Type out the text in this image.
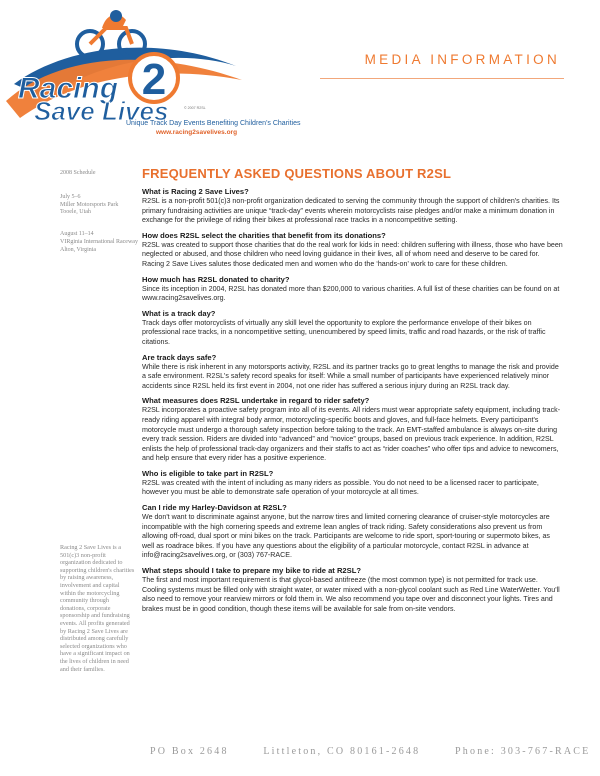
2
Racing
Save Lives	© 2007 R2SL
Unique Track Day Events Benefiting Children's Charities
www.racing2savelives.org
MEDIA INFORMATION
2008 Schedule
July 5–6
Miller Motorsports Park
Tooele, Utah
August 11–14
VIRginia International Raceway
Alton, Virginia
Racing 2 Save Lives is a 501(c)3 non-profit organization dedicated to supporting children's charities by raising awareness, involvement and capital within the motorcycling community through donations, corporate sponsorship and fundraising events. All profits generated by Racing 2 Save Lives are distributed among carefully selected organizations who have a significant impact on the lives of children in need and their families.
FREQUENTLY ASKED QUESTIONS ABOUT R2SL
What is Racing 2 Save Lives?
R2SL is a non-profit 501(c)3 non-profit organization dedicated to serving the community through the support of children's charities. Its primary fundraising activities are unique “track-day” events wherein motorcyclists raise pledges and/or make a minimum donation in exchange for the privilege of riding their bikes at professional race tracks in a noncompetitive setting.
How does R2SL select the charities that benefit from its donations?
R2SL was created to support those charities that do the real work for kids in need: children suffering with illness, those who have been neglected or abused, and those children who need loving guidance in their lives, all of whom need and deserve to be cared for. Racing 2 Save Lives salutes those dedicated men and women who do the ‘hands-on’ work to care for these children.
How much has R2SL donated to charity?
Since its inception in 2004, R2SL has donated more than $200,000 to various charities. A full list of these charities can be found on at www.racing2savelives.org.
What is a track day?
Track days offer motorcyclists of virtually any skill level the opportunity to explore the performance envelope of their bikes on professional race tracks, in a noncompetitive setting, unencumbered by speed limits, traffic and road hazards, or the risk of traffic citations.
Are track days safe?
While there is risk inherent in any motorsports activity, R2SL and its partner tracks go to great lengths to manage the risk and provide a safe environment. R2SL's safety record speaks for itself: While a small number of participants have experienced relatively minor accidents since R2SL held its first event in 2004, not one rider has suffered a serious injury during an R2SL track day.
What measures does R2SL undertake in regard to rider safety?
R2SL incorporates a proactive safety program into all of its events. All riders must wear appropriate safety equipment, including track-ready riding apparel with integral body armor, motorcycling-specific boots and gloves, and full-face helmets. Every participant's motorcycle must undergo a thorough safety inspection before taking to the track. An EMT-staffed ambulance is always on-site during every track session. Riders are divided into “advanced” and “novice” groups, based on previous track experience. In addition, R2SL enlists the help of professional track-day organizers and their staffs to act as “rider coaches” who offer tips and advice to newcomers, and help ensure that every rider has a positive experience.
Who is eligible to take part in R2SL?
R2SL was created with the intent of including as many riders as possible. You do not need to be a licensed racer to participate, however you must be able to demonstrate safe operation of your motorcycle at all times.
Can I ride my Harley-Davidson at R2SL?
We don't want to discriminate against anyone, but the narrow tires and limited cornering clearance of cruiser-style motorcycles are incompatible with the high cornering speeds and extreme lean angles of track riding. Safety considerations also prevent us from allowing off-road, dual sport or mini bikes on the track. Participants are welcome to ride sport, sport-touring or supermoto bikes, as well as roadrace bikes. If you have any questions about the eligibility of a particular motorcycle, contact R2SL in advance at info@racing2savelives.org, or (303) 767-RACE.
What steps should I take to prepare my bike to ride at R2SL?
The first and most important requirement is that glycol-based antifreeze (the most common type) is not permitted for track use. Cooling systems must be filled only with straight water, or water mixed with a non-glycol coolant such as Red Line WaterWetter. You'll also need to remove your rearview mirrors or fold them in. We also recommend you tape over and disconnect your lights. Tires and brakes must be in good condition, though these items will be available for sale from on-site vendors.
PO Box 2648	Littleton, CO 80161-2648	Phone: 303-767-RACE
